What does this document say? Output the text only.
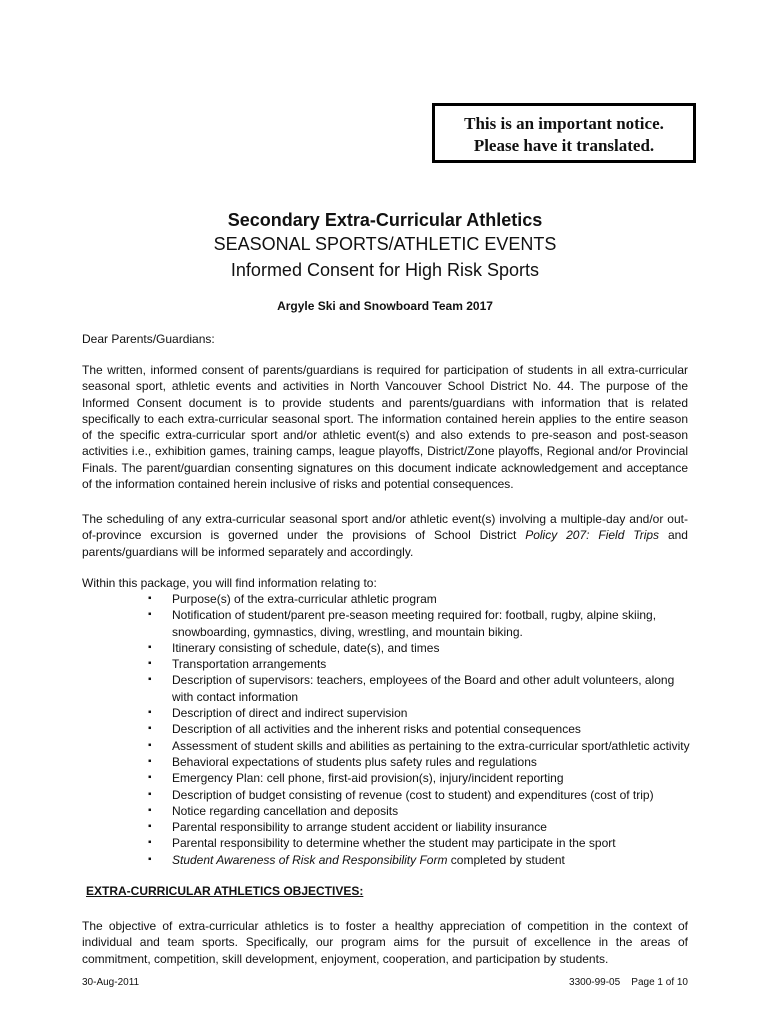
This is an important notice.
Please have it translated.
Secondary Extra-Curricular Athletics
SEASONAL SPORTS/ATHLETIC EVENTS
Informed Consent for High Risk Sports
Argyle Ski and Snowboard Team 2017

Dear Parents/Guardians:

The written, informed consent of parents/guardians is required for participation of students in all extra-curricular seasonal sport, athletic events and activities in North Vancouver School District No. 44. The purpose of the Informed Consent document is to provide students and parents/guardians with information that is related specifically to each extra-curricular seasonal sport. The information contained herein applies to the entire season of the specific extra-curricular sport and/or athletic event(s) and also extends to pre-season and post-season activities i.e., exhibition games, training camps, league playoffs, District/Zone playoffs, Regional and/or Provincial Finals. The parent/guardian consenting signatures on this document indicate acknowledgement and acceptance of the information contained herein inclusive of risks and potential consequences.

The scheduling of any extra-curricular seasonal sport and/or athletic event(s) involving a multiple-day and/or out-of-province excursion is governed under the provisions of School District Policy 207: Field Trips and parents/guardians will be informed separately and accordingly.

Within this package, you will find information relating to:

▪ Purpose(s) of the extra-curricular athletic program
▪ Notification of student/parent pre-season meeting required for: football, rugby, alpine skiing, snowboarding, gymnastics, diving, wrestling, and mountain biking.
▪ Itinerary consisting of schedule, date(s), and times
▪ Transportation arrangements
▪ Description of supervisors: teachers, employees of the Board and other adult volunteers, along with contact information
▪ Description of direct and indirect supervision
▪ Description of all activities and the inherent risks and potential consequences
▪ Assessment of student skills and abilities as pertaining to the extra-curricular sport/athletic activity
▪ Behavioral expectations of students plus safety rules and regulations
▪ Emergency Plan: cell phone, first-aid provision(s), injury/incident reporting
▪ Description of budget consisting of revenue (cost to student) and expenditures (cost of trip)
▪ Notice regarding cancellation and deposits
▪ Parental responsibility to arrange student accident or liability insurance
▪ Parental responsibility to determine whether the student may participate in the sport
▪ Student Awareness of Risk and Responsibility Form completed by student
EXTRA-CURRICULAR ATHLETICS OBJECTIVES:

The objective of extra-curricular athletics is to foster a healthy appreciation of competition in the context of individual and team sports. Specifically, our program aims for the pursuit of excellence in the areas of commitment, competition, skill development, enjoyment, cooperation, and participation by students.

30-Aug-2011	3300-99-05    Page 1 of 10
